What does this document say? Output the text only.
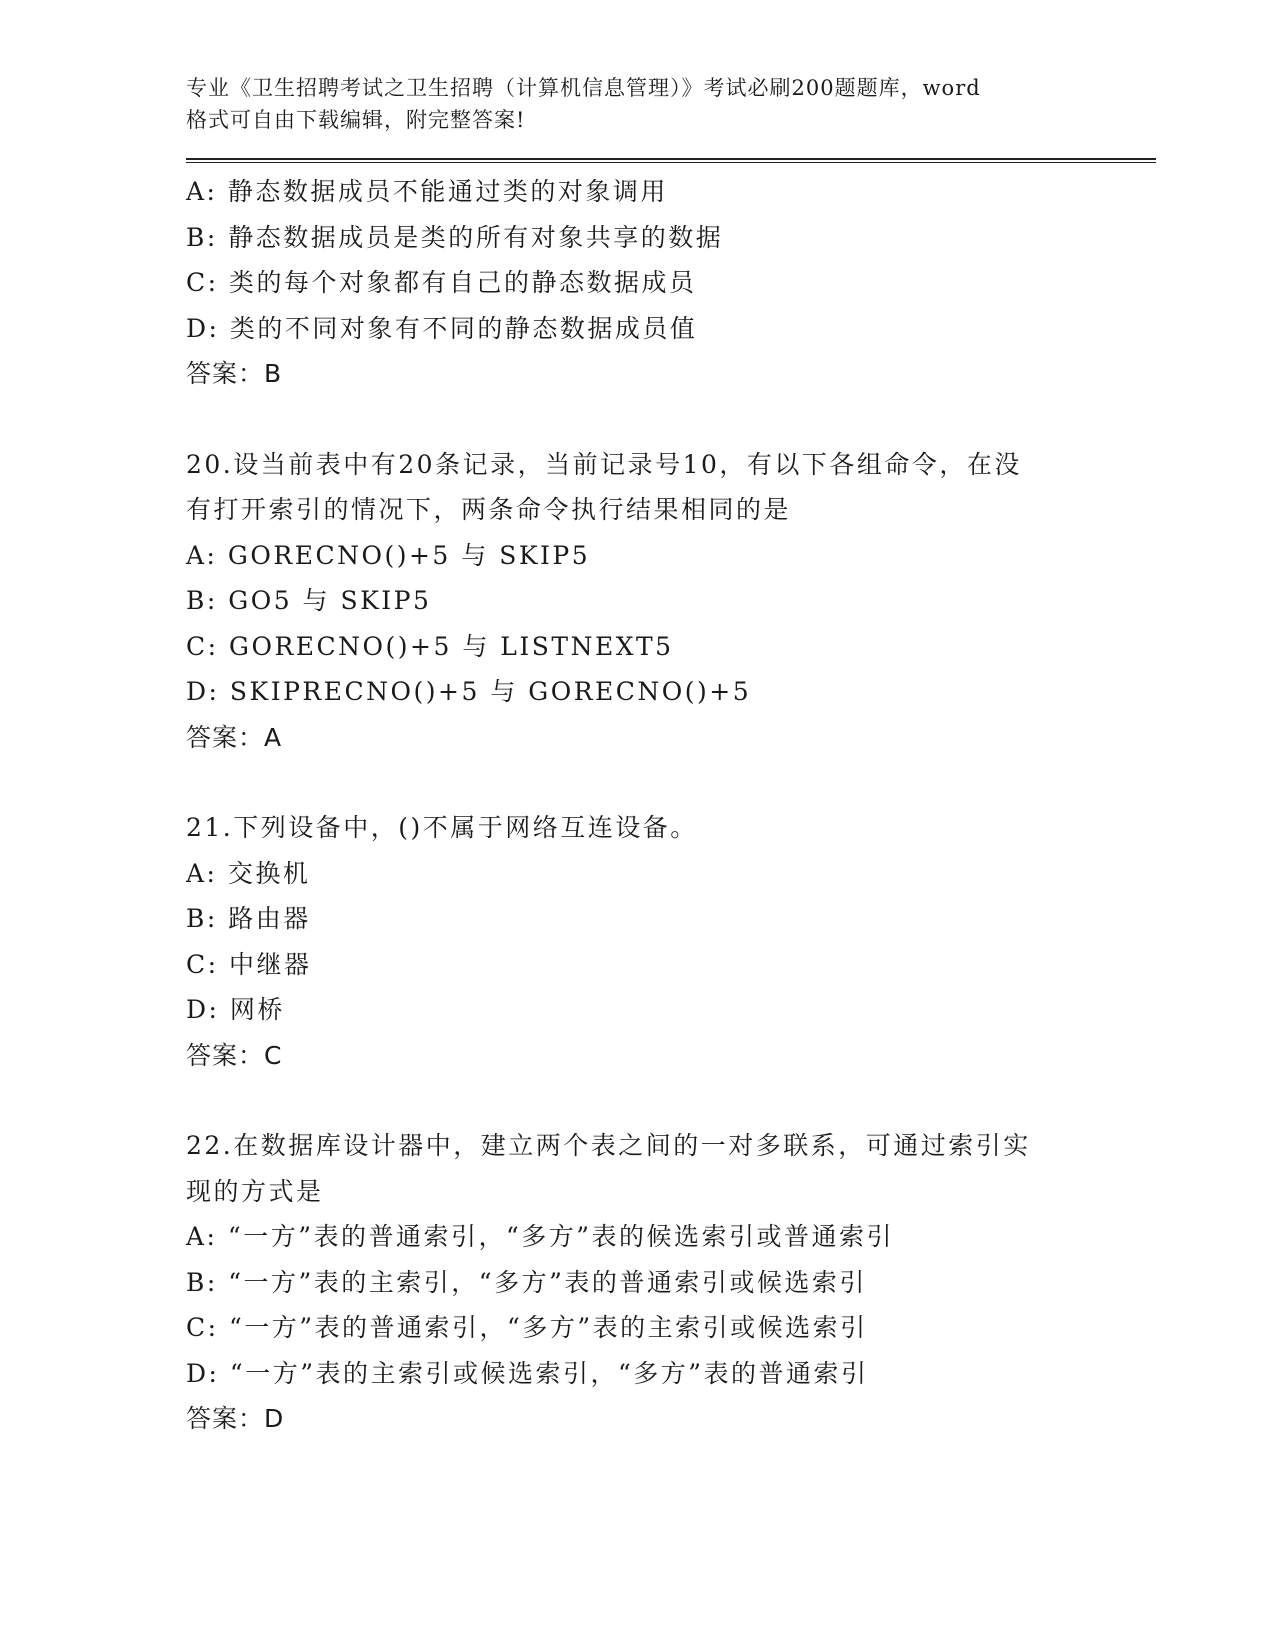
专业《卫生招聘考试之卫生招聘（计算机信息管理）》考试必刷200题题库，word
格式可自由下载编辑，附完整答案!
A: 静态数据成员不能通过类的对象调用
B: 静态数据成员是类的所有对象共享的数据
C: 类的每个对象都有自己的静态数据成员
D: 类的不同对象有不同的静态数据成员值
答案：B
20.设当前表中有20条记录，当前记录号10，有以下各组命令，在没
有打开索引的情况下，两条命令执行结果相同的是
A: GORECNO()+5 与 SKIP5
B: GO5 与 SKIP5
C: GORECNO()+5 与 LISTNEXT5
D: SKIPRECNO()+5 与 GORECNO()+5
答案：A
21.下列设备中，()不属于网络互连设备。
A: 交换机
B: 路由器
C: 中继器
D: 网桥
答案：C
22.在数据库设计器中，建立两个表之间的一对多联系，可通过索引实
现的方式是
A: “一方”表的普通索引，“多方”表的候选索引或普通索引
B: “一方”表的主索引，“多方”表的普通索引或候选索引
C: “一方”表的普通索引，“多方”表的主索引或候选索引
D: “一方”表的主索引或候选索引，“多方”表的普通索引
答案：D
